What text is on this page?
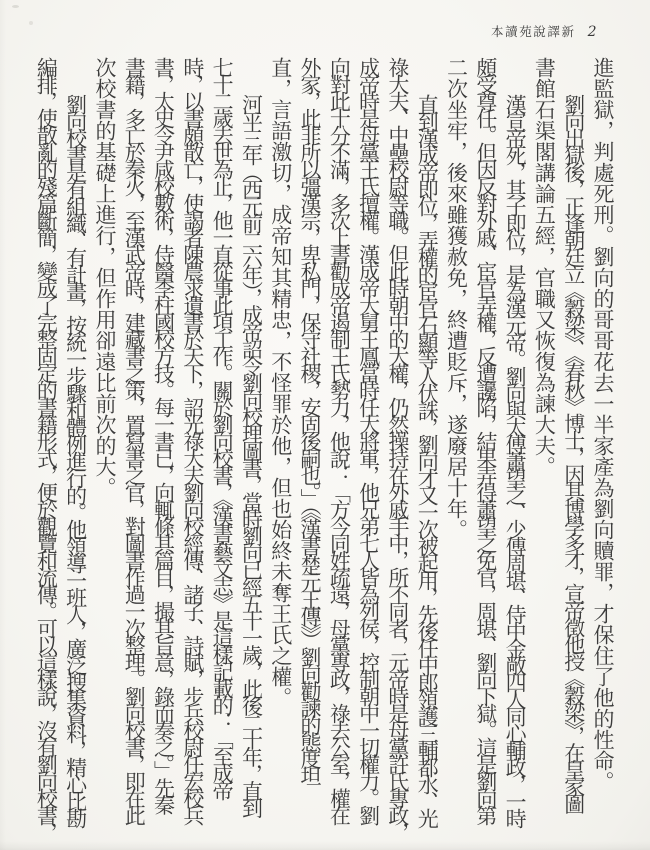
本讀苑說譯新 2
進監獄，判處死刑。劉向的哥哥花去一半家產為劉向贖罪，才保住了他的性命。
劉向出獄後，正逢朝廷立《穀梁》、《春秋》博士，因其博學多才，宣帝徵他授《穀梁》，在皇家圖
書館石渠閣講論五經，官職又恢復為諫大夫。
漢宣帝死，其子即位，是為漢元帝。劉向與太傅蕭望之、少傅周堪、侍中金敞四人同心輔政，一時
頗受尊任。但因反對外戚、宦官弄權，反遭讒陷，結果弄得蕭望之免官，周堪、劉向下獄。這是劉向第
二次坐牢，後來雖獲赦免，終遭貶斥，遂廢居十年。
直到漢成帝即位，弄權的宦官石顯等人伏誅，劉向才又一次被起用，先後任中郎領護三輔都水、光
祿大夫、中壘校尉等職。但此時朝中的大權，仍然操持在外戚手中，所不同者，元帝時是母黨許氏專政，
成帝時是母黨王氏擅權。漢成帝大舅王鳳當時任大將軍，他兄弟七人皆為列侯，控制朝中一切權力。劉
向對此十分不滿，多次上書勸成帝遏制王氏勢力，他說：「方今同姓疏遠，母黨專政，祿去公室，權在
外家，此非所以彊漢宗，卑私門，保守社稷，安固後嗣也。」（《漢書‧楚元王傳》）劉向勸諫的態度坦
直，言語激切，成帝知其精忠，不怪罪於他，但也始終未奪王氏之權。
河平三年（西元前二六年），成帝詔令劉向校理圖書，當時劉向已經五十一歲，此後二十年，直到
七十二歲去世為止，他一直從事此項工作。關於劉向校書，《漢書‧藝文志》是這樣記載的：「至成帝
時，以書頗散亡，使謁者陳農求遺書於天下，詔光祿大夫劉向校經傳、諸子、詩賦，步兵校尉任宏校兵
書，太史令尹咸校數術，侍醫李柱國校方技。每一書已，向輒條其篇目，撮其旨意，錄而奏之。」先秦
書籍，多亡於秦火，至漢武帝時，建藏書之策，置寫書之官，對圖書作過一次整理。劉向校書，即在此
次校書的基礎上進行，但作用卻遠比前次的大。
劉向校書是有組織、有計畫，按統一步驟和體例進行的。他領導一班人，廣泛搜集資料，精心比勘
編排，使散亂的殘篇斷簡，變成了完整固定的書籍形式，便於觀覽和流傳。可以這樣說，沒有劉向校書，
